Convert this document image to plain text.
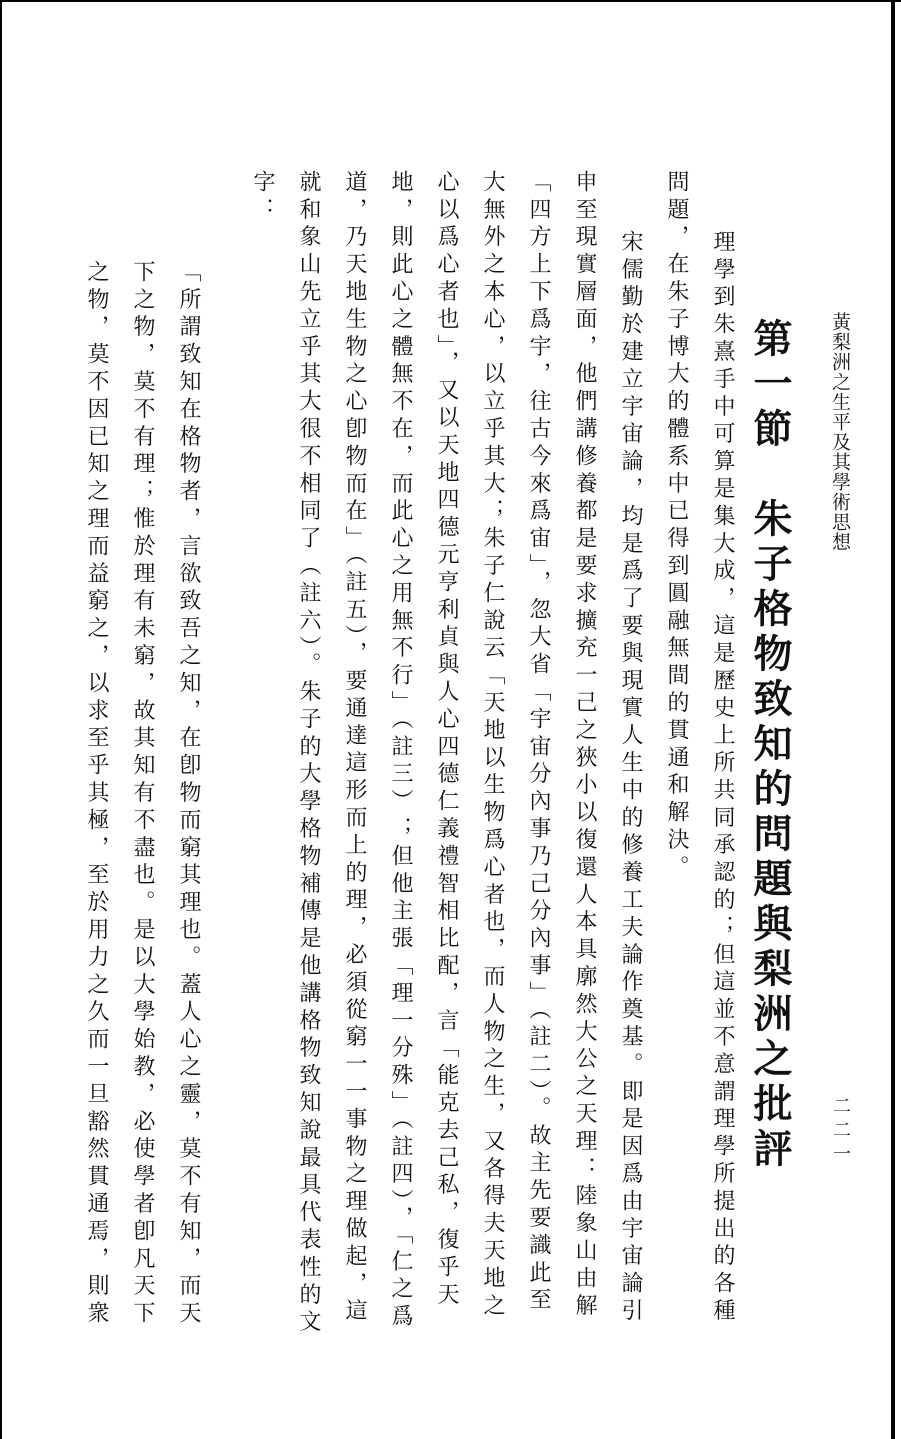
黃梨洲之生平及其學術思想
二二一
第一節　朱子格物致知的問題與梨洲之批評
理學到朱熹手中可算是集大成，這是歷史上所共同承認的；但這並不意謂理學所提出的各種
問題，在朱子博大的體系中已得到圓融無間的貫通和解決。
宋儒勤於建立宇宙論，均是爲了要與現實人生中的修養工夫論作奠基。即是因爲由宇宙論引
申至現實層面，他們講修養都是要求擴充一己之狹小以復還人本具廓然大公之天理：陸象山由解
「四方上下爲宇，往古今來爲宙」，忽大省「宇宙分內事乃己分內事」（註二）。故主先要識此至
大無外之本心，以立乎其大；朱子仁說云「天地以生物爲心者也，而人物之生，又各得夫天地之
心以爲心者也」，又以天地四德元亨利貞與人心四德仁義禮智相比配，言「能克去己私，復乎天
地，則此心之體無不在，而此心之用無不行」（註三）；但他主張「理一分殊」（註四），「仁之爲
道，乃天地生物之心卽物而在」（註五），要通達這形而上的理，必須從窮一一事物之理做起，這
就和象山先立乎其大很不相同了（註六）。朱子的大學格物補傳是他講格物致知說最具代表性的文
字：
「所謂致知在格物者，言欲致吾之知，在卽物而窮其理也。蓋人心之靈，莫不有知，而天
下之物，莫不有理；惟於理有未窮，故其知有不盡也。是以大學始教，必使學者卽凡天下
之物，莫不因已知之理而益窮之，以求至乎其極，至於用力之久而一旦豁然貫通焉，則衆
